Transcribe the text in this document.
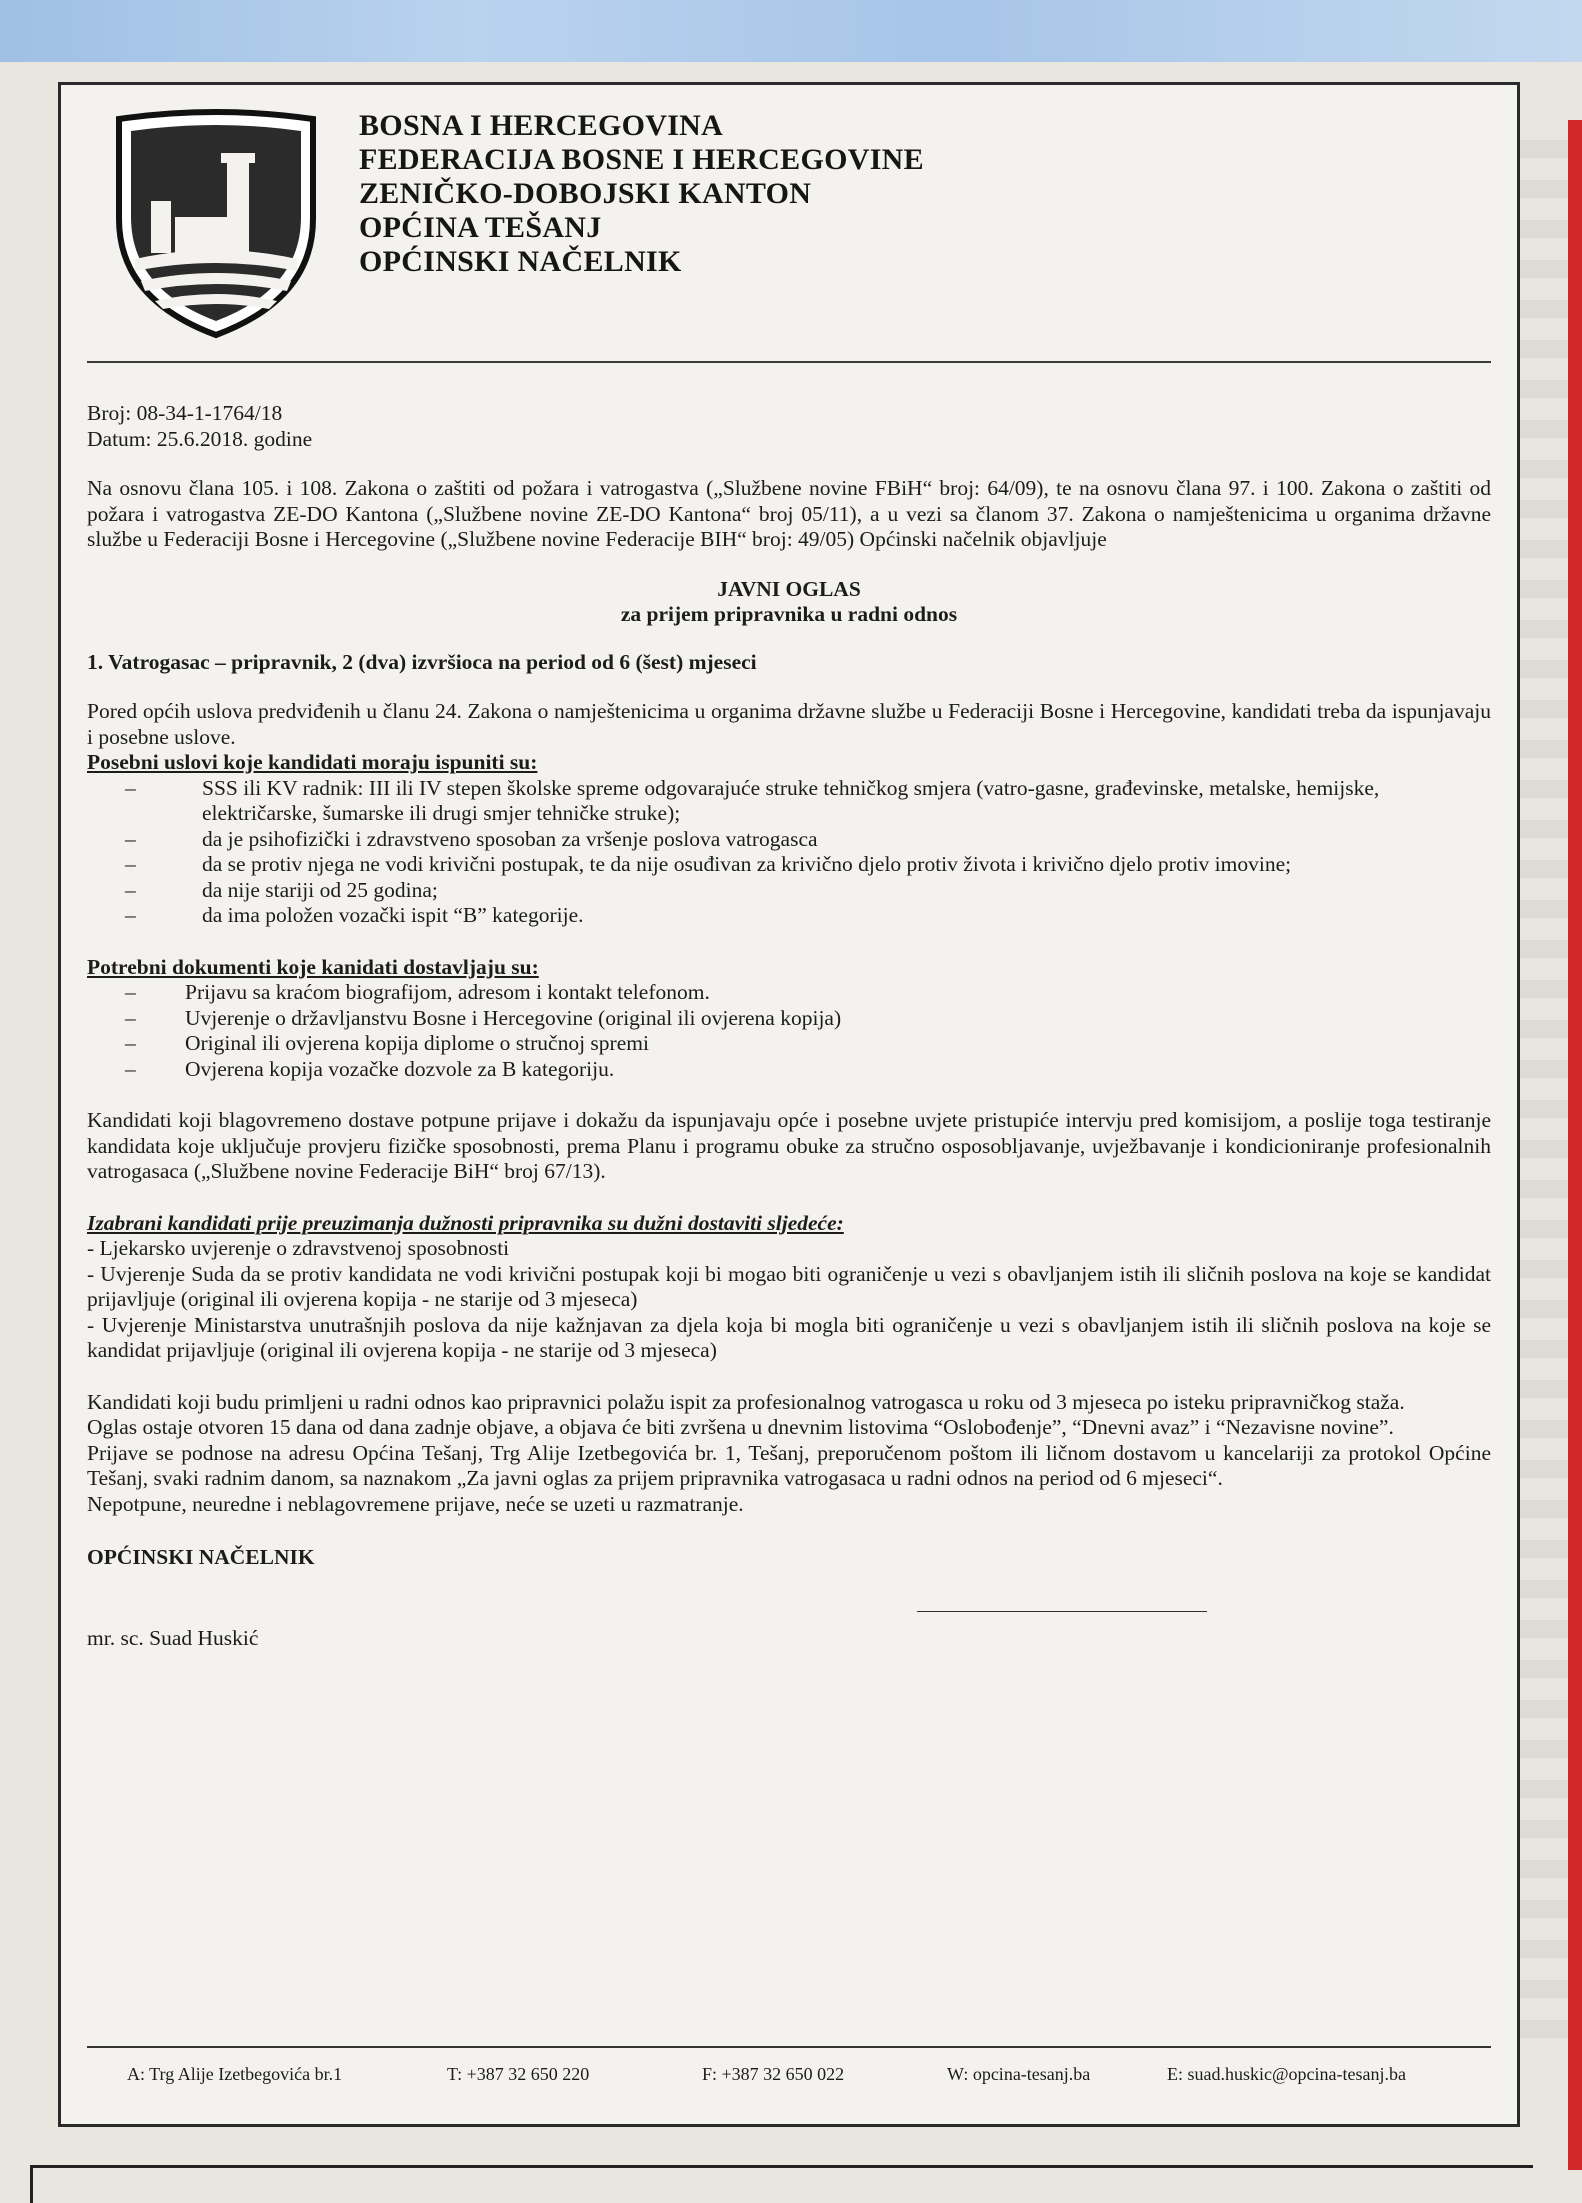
BOSNA I HERCEGOVINA
FEDERACIJA BOSNE I HERCEGOVINE
ZENIČKO-DOBOJSKI KANTON
OPĆINA TEŠANJ
OPĆINSKI NAČELNIK

Broj: 08-34-1-1764/18

Datum: 25.6.2018. godine

Na osnovu člana 105. i 108. Zakona o zaštiti od požara i vatrogastva („Službene novine FBiH“ broj: 64/09), te na osnovu člana 97. i 100. Zakona o zaštiti od požara i vatrogastva ZE-DO Kantona („Službene novine ZE-DO Kantona“ broj 05/11), a u vezi sa članom 37. Zakona o namještenicima u organima državne službe u Federaciji Bosne i Hercegovine („Službene novine Federacije BIH“ broj: 49/05) Općinski načelnik objavljuje

JAVNI OGLAS

za prijem pripravnika u radni odnos

1. Vatrogasac – pripravnik, 2 (dva) izvršioca na period od 6 (šest) mjeseci

Pored općih uslova predviđenih u članu 24. Zakona o namještenicima u organima državne službe u Federaciji Bosne i Hercegovine, kandidati treba da ispunjavaju i posebne uslove.

Posebni uslovi koje kandidati moraju ispuniti su:

– SSS ili KV radnik: III ili IV stepen školske spreme odgovarajuće struke tehničkog smjera (vatro-gasne, građevinske, metalske, hemijske, električarske, šumarske ili drugi smjer tehničke struke);
– da je psihofizički i zdravstveno sposoban za vršenje poslova vatrogasca
– da se protiv njega ne vodi krivični postupak, te da nije osuđivan za krivično djelo protiv života i krivično djelo protiv imovine;
– da nije stariji od 25 godina;
– da ima položen vozački ispit “B” kategorije.

Potrebni dokumenti koje kanidati dostavljaju su:

– Prijavu sa kraćom biografijom, adresom i kontakt telefonom.
– Uvjerenje o državljanstvu Bosne i Hercegovine (original ili ovjerena kopija)
– Original ili ovjerena kopija diplome o stručnoj spremi
– Ovjerena kopija vozačke dozvole za B kategoriju.

Kandidati koji blagovremeno dostave potpune prijave i dokažu da ispunjavaju opće i posebne uvjete pristupiće intervju pred komisijom, a poslije toga testiranje kandidata koje uključuje provjeru fizičke sposobnosti, prema Planu i programu obuke za stručno osposobljavanje, uvježbavanje i kondicioniranje profesionalnih vatrogasaca („Službene novine Federacije BiH“ broj 67/13).

Izabrani kandidati prije preuzimanja dužnosti pripravnika su dužni dostaviti sljedeće:

- Ljekarsko uvjerenje o zdravstvenoj sposobnosti

- Uvjerenje Suda da se protiv kandidata ne vodi krivični postupak koji bi mogao biti ograničenje u vezi s obavljanjem istih ili sličnih poslova na koje se kandidat prijavljuje (original ili ovjerena kopija - ne starije od 3 mjeseca)

- Uvjerenje Ministarstva unutrašnjih poslova da nije kažnjavan za djela koja bi mogla biti ograničenje u vezi s obavljanjem istih ili sličnih poslova na koje se kandidat prijavljuje (original ili ovjerena kopija - ne starije od 3 mjeseca)

Kandidati koji budu primljeni u radni odnos kao pripravnici polažu ispit za profesionalnog vatrogasca u roku od 3 mjeseca po isteku pripravničkog staža.

Oglas ostaje otvoren 15 dana od dana zadnje objave, a objava će biti zvršena u dnevnim listovima “Oslobođenje”, “Dnevni avaz” i “Nezavisne novine”.

Prijave se podnose na adresu Općina Tešanj, Trg Alije Izetbegovića br. 1, Tešanj, preporučenom poštom ili ličnom dostavom u kancelariji za protokol Općine Tešanj, svaki radnim danom, sa naznakom „Za javni oglas za prijem pripravnika vatrogasaca u radni odnos na period od 6 mjeseci“.

Nepotpune, neuredne i neblagovremene prijave, neće se uzeti u razmatranje.

OPĆINSKI NAČELNIK

mr. sc. Suad Huskić

A: Trg Alije Izetbegovića br.1	T: +387 32 650 220	F: +387 32 650 022	W: opcina-tesanj.ba	E: suad.huskic@opcina-tesanj.ba
